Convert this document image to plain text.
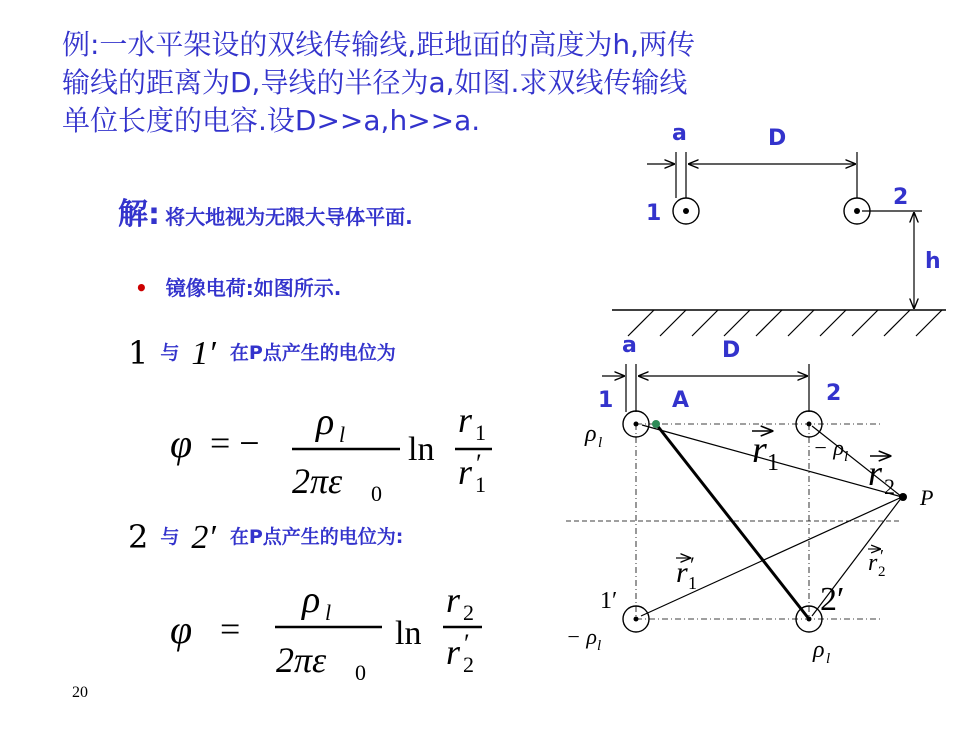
例:一水平架设的双线传输线,距地面的高度为h,两传
输线的距离为D,导线的半径为a,如图.求双线传输线
单位长度的电容.设D>>a,h>>a.
解: 将大地视为无限大导体平面.
• 镜像电荷:如图所示.
1 与 1′ 在P点产生的电位为
2 与 2′ 在P点产生的电位为:
20
φ = − ρ l
2πε 0
ln
r 1
r 1
′
φ =
ρ l
2πε 0
ln
r 2
r 2
′
a	D
1
2
h
a	D
1	A	2
P
ρ l	− ρ l
− ρ l	ρ l
r 1 r 2
r 1
′	r 2
′
1′	2′
